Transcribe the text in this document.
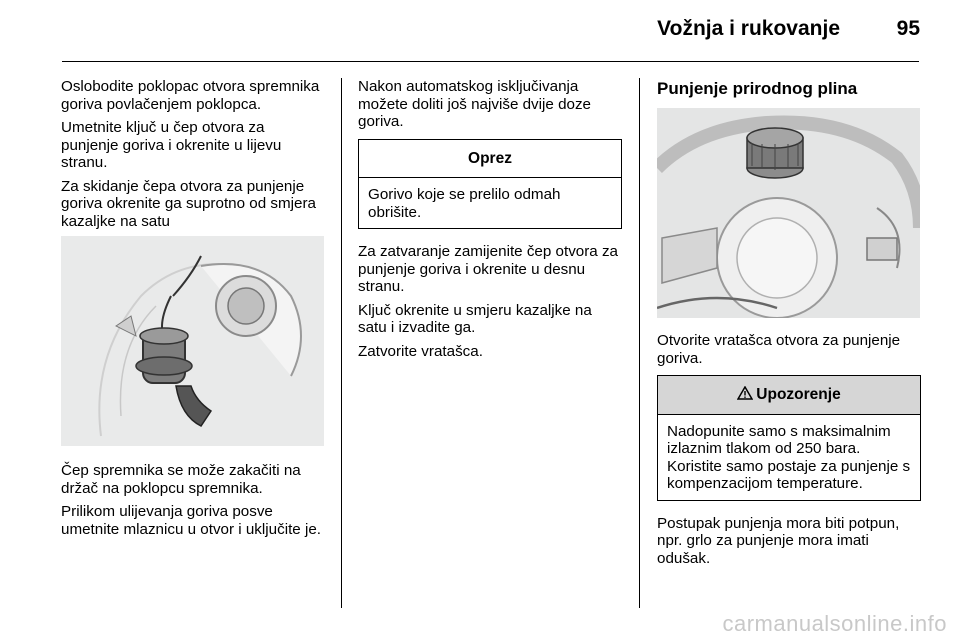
Vožnja i rukovanje	95

Oslobodite poklopac otvora spremnika goriva povlačenjem poklopca.

Umetnite ključ u čep otvora za punjenje goriva i okrenite u lijevu stranu.

Za skidanje čepa otvora za punjenje goriva okrenite ga suprotno od smjera kazaljke na satu

Čep spremnika se može zakačiti na držač na poklopcu spremnika.

Prilikom ulijevanja goriva posve umetnite mlaznicu u otvor i uključite je.

Nakon automatskog isključivanja možete doliti još najviše dvije doze goriva.

Oprez
Gorivo koje se prelilo odmah obrišite.

Za zatvaranje zamijenite čep otvora za punjenje goriva i okrenite u desnu stranu.

Ključ okrenite u smjeru kazaljke na satu i izvadite ga.

Zatvorite vratašca.

Punjenje prirodnog plina

Otvorite vratašca otvora za punjenje goriva.

Upozorenje
Nadopunite samo s maksimalnim izlaznim tlakom od 250 bara. Koristite samo postaje za punjenje s kompenzacijom temperature.

Postupak punjenja mora biti potpun, npr. grlo za punjenje mora imati odušak.

carmanualsonline.info
